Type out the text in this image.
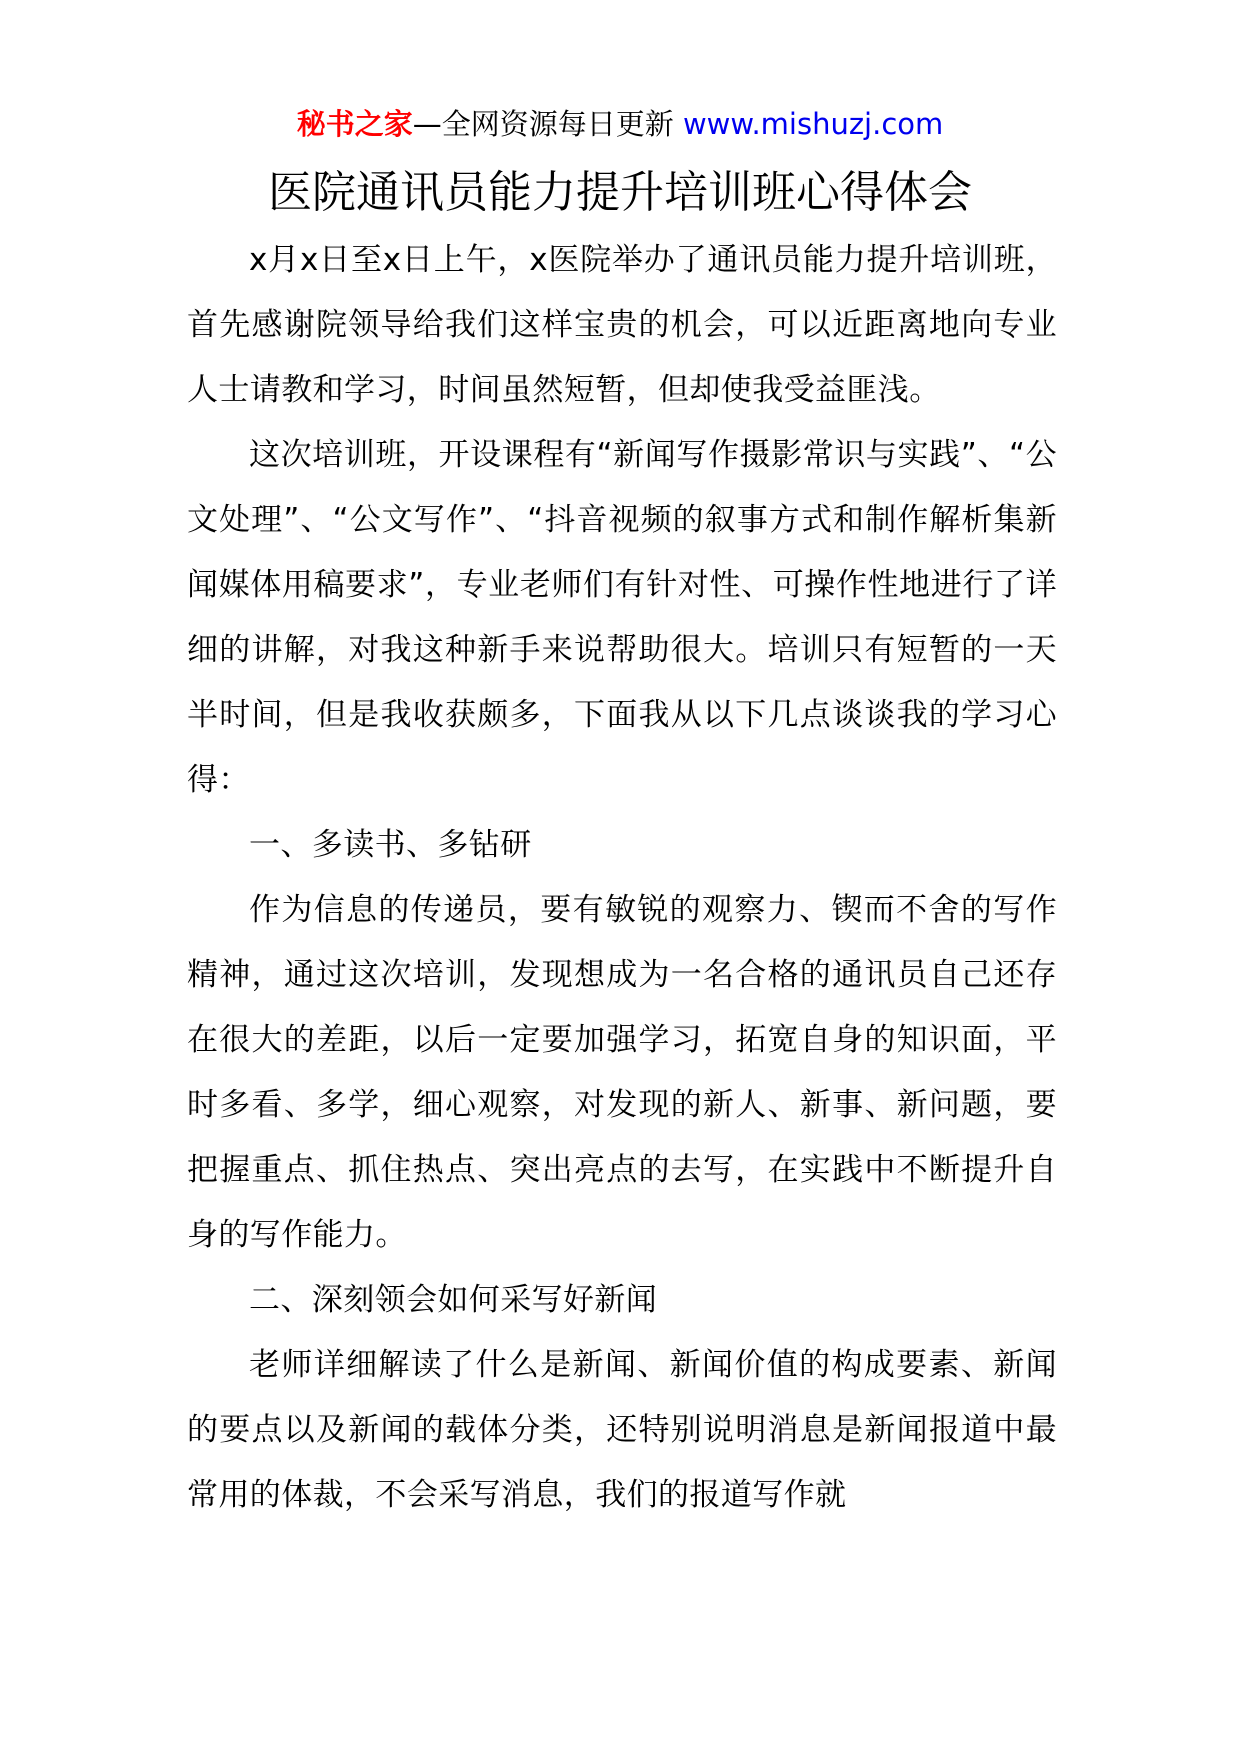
秘书之家—全网资源每日更新 www.mishuzj.com
医院通讯员能力提升培训班心得体会

x月x日至x日上午，x医院举办了通讯员能力提升培训班，首先感谢院领导给我们这样宝贵的机会，可以近距离地向专业人士请教和学习，时间虽然短暂，但却使我受益匪浅。

这次培训班，开设课程有“新闻写作摄影常识与实践”、“公文处理”、“公文写作”、“抖音视频的叙事方式和制作解析集新闻媒体用稿要求”，专业老师们有针对性、可操作性地进行了详细的讲解，对我这种新手来说帮助很大。培训只有短暂的一天半时间，但是我收获颇多，下面我从以下几点谈谈我的学习心得：

一、多读书、多钻研

作为信息的传递员，要有敏锐的观察力、锲而不舍的写作精神，通过这次培训，发现想成为一名合格的通讯员自己还存在很大的差距，以后一定要加强学习，拓宽自身的知识面，平时多看、多学，细心观察，对发现的新人、新事、新问题，要把握重点、抓住热点、突出亮点的去写，在实践中不断提升自身的写作能力。

二、深刻领会如何采写好新闻

老师详细解读了什么是新闻、新闻价值的构成要素、新闻的要点以及新闻的载体分类，还特别说明消息是新闻报道中最常用的体裁，不会采写消息，我们的报道写作就
